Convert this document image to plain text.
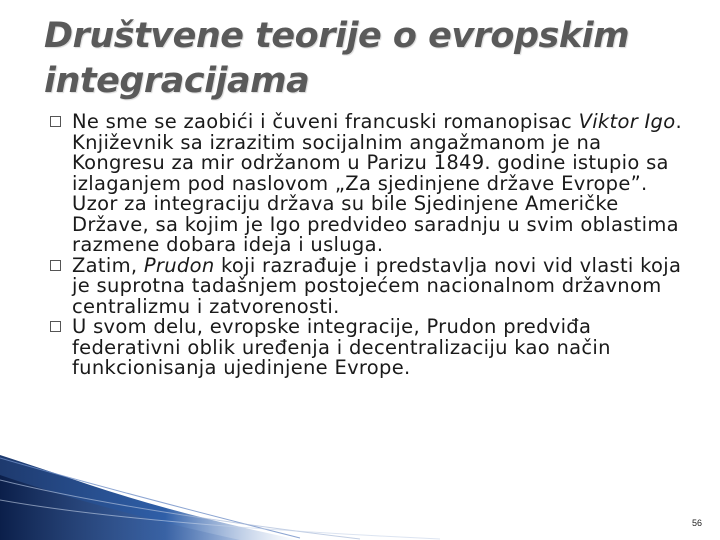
Društvene teorije o evropskim integracijama

Ne sme se zaobići i čuveni francuski romanopisac Viktor Igo. Književnik sa izrazitim socijalnim angažmanom je na Kongresu za mir održanom u Parizu 1849. godine istupio sa izlaganjem pod naslovom „Za sjedinjene države Evrope”. Uzor za integraciju država su bile Sjedinjene Američke Države, sa kojim je Igo predvideo saradnju u svim oblastima razmene dobara ideja i usluga.

Zatim, Prudon koji razrađuje i predstavlja novi vid vlasti koja je suprotna tadašnjem postojećem nacionalnom državnom centralizmu i zatvorenosti.

U svom delu, evropske integracije, Prudon predviđa federativni oblik uređenja i decentralizaciju kao način funkcionisanja ujedinjene Evrope.

56
